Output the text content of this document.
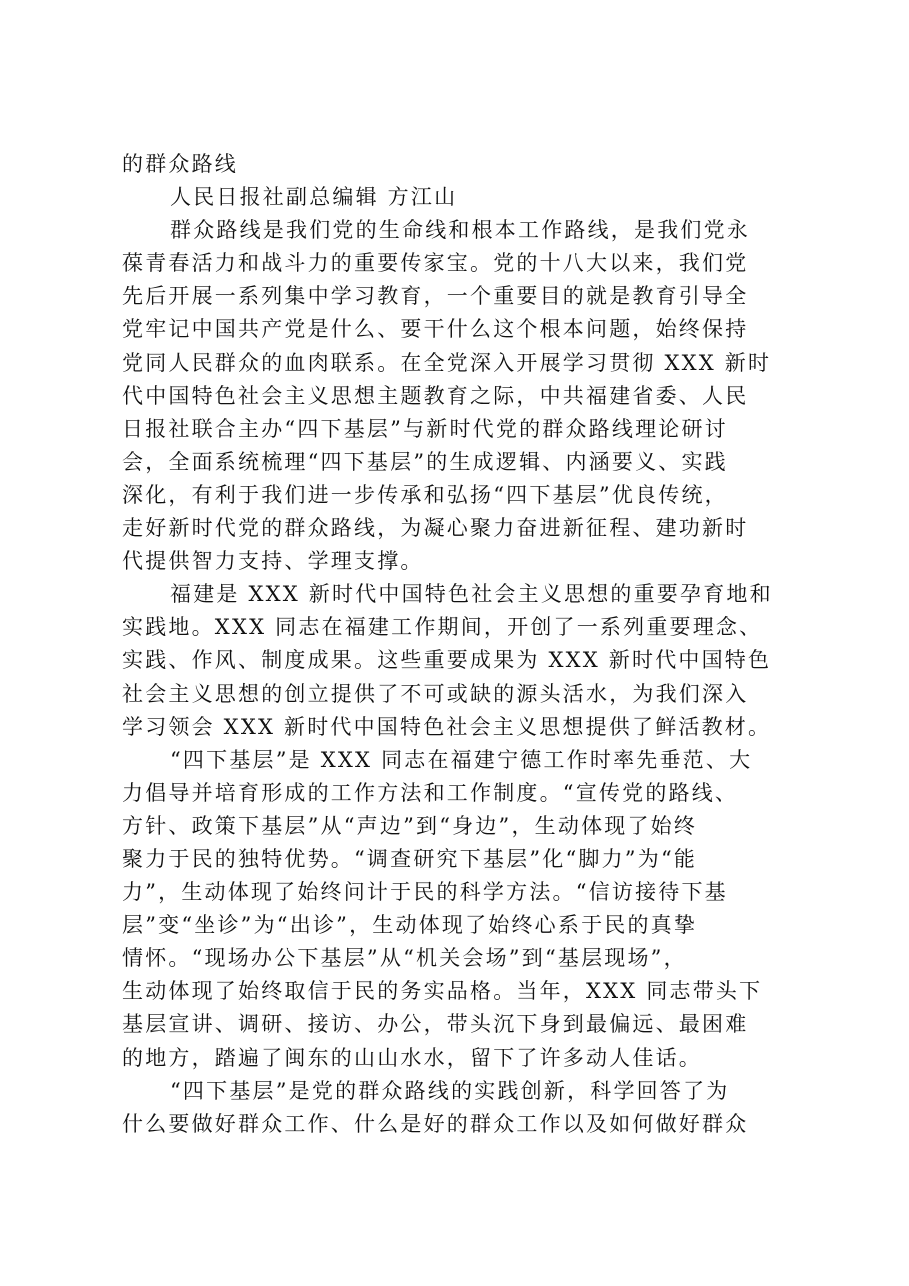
的群众路线
人民日报社副总编辑 方江山
群众路线是我们党的生命线和根本工作路线，是我们党永
葆青春活力和战斗力的重要传家宝。党的十八大以来，我们党
先后开展一系列集中学习教育，一个重要目的就是教育引导全
党牢记中国共产党是什么、要干什么这个根本问题，始终保持
党同人民群众的血肉联系。在全党深入开展学习贯彻 XXX 新时
代中国特色社会主义思想主题教育之际，中共福建省委、人民
日报社联合主办“四下基层”与新时代党的群众路线理论研讨
会，全面系统梳理“四下基层”的生成逻辑、内涵要义、实践
深化，有利于我们进一步传承和弘扬“四下基层”优良传统，
走好新时代党的群众路线，为凝心聚力奋进新征程、建功新时
代提供智力支持、学理支撑。
福建是 XXX 新时代中国特色社会主义思想的重要孕育地和
实践地。XXX 同志在福建工作期间，开创了一系列重要理念、
实践、作风、制度成果。这些重要成果为 XXX 新时代中国特色
社会主义思想的创立提供了不可或缺的源头活水，为我们深入
学习领会 XXX 新时代中国特色社会主义思想提供了鲜活教材。
“四下基层”是 XXX 同志在福建宁德工作时率先垂范、大
力倡导并培育形成的工作方法和工作制度。“宣传党的路线、
方针、政策下基层”从“声边”到“身边”，生动体现了始终
聚力于民的独特优势。“调查研究下基层”化“脚力”为“能
力”，生动体现了始终问计于民的科学方法。“信访接待下基
层”变“坐诊”为“出诊”，生动体现了始终心系于民的真挚
情怀。“现场办公下基层”从“机关会场”到“基层现场”，
生动体现了始终取信于民的务实品格。当年，XXX 同志带头下
基层宣讲、调研、接访、办公，带头沉下身到最偏远、最困难
的地方，踏遍了闽东的山山水水，留下了许多动人佳话。
“四下基层”是党的群众路线的实践创新，科学回答了为
什么要做好群众工作、什么是好的群众工作以及如何做好群众
